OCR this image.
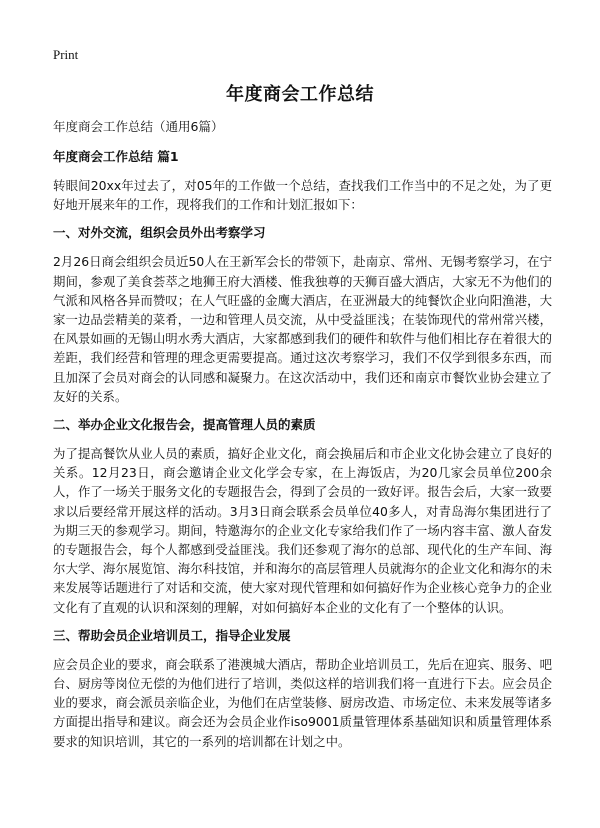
Print
年度商会工作总结

年度商会工作总结（通用6篇）

年度商会工作总结 篇1

转眼间20xx年过去了，对05年的工作做一个总结，查找我们工作当中的不足之处，为了更好地开展来年的工作，现将我们的工作和计划汇报如下：

一、对外交流，组织会员外出考察学习

2月26日商会组织会员近50人在王新军会长的带领下，赴南京、常州、无锡考察学习，在宁期间，参观了美食荟萃之地狮王府大酒楼、惟我独尊的天狮百盛大酒店，大家无不为他们的气派和风格各异而赞叹；在人气旺盛的金鹰大酒店，在亚洲最大的纯餐饮企业向阳渔港，大家一边品尝精美的菜肴，一边和管理人员交流，从中受益匪浅；在装饰现代的常州常兴楼，在风景如画的无锡山明水秀大酒店，大家都感到我们的硬件和软件与他们相比存在着很大的差距，我们经营和管理的理念更需要提高。通过这次考察学习，我们不仅学到很多东西，而且加深了会员对商会的认同感和凝聚力。在这次活动中，我们还和南京市餐饮业协会建立了友好的关系。

二、举办企业文化报告会，提高管理人员的素质

为了提高餐饮从业人员的素质，搞好企业文化，商会换届后和市企业文化协会建立了良好的关系。12月23日，商会邀请企业文化学会专家，在上海饭店，为20几家会员单位200余人，作了一场关于服务文化的专题报告会，得到了会员的一致好评。报告会后，大家一致要求以后要经常开展这样的活动。3月3日商会联系会员单位40多人，对青岛海尔集团进行了为期三天的参观学习。期间，特邀海尔的企业文化专家给我们作了一场内容丰富、激人奋发的专题报告会，每个人都感到受益匪浅。我们还参观了海尔的总部、现代化的生产车间、海尔大学、海尔展览馆、海尔科技馆，并和海尔的高层管理人员就海尔的企业文化和海尔的未来发展等话题进行了对话和交流，使大家对现代管理和如何搞好作为企业核心竞争力的企业文化有了直观的认识和深刻的理解，对如何搞好本企业的文化有了一个整体的认识。

三、帮助会员企业培训员工，指导企业发展

应会员企业的要求，商会联系了港澳城大酒店，帮助企业培训员工，先后在迎宾、服务、吧台、厨房等岗位无偿的为他们进行了培训，类似这样的培训我们将一直进行下去。应会员企业的要求，商会派员亲临企业，为他们在店堂装修、厨房改造、市场定位、未来发展等诸多方面提出指导和建议。商会还为会员企业作iso9001质量管理体系基础知识和质量管理体系要求的知识培训，其它的一系列的培训都在计划之中。
